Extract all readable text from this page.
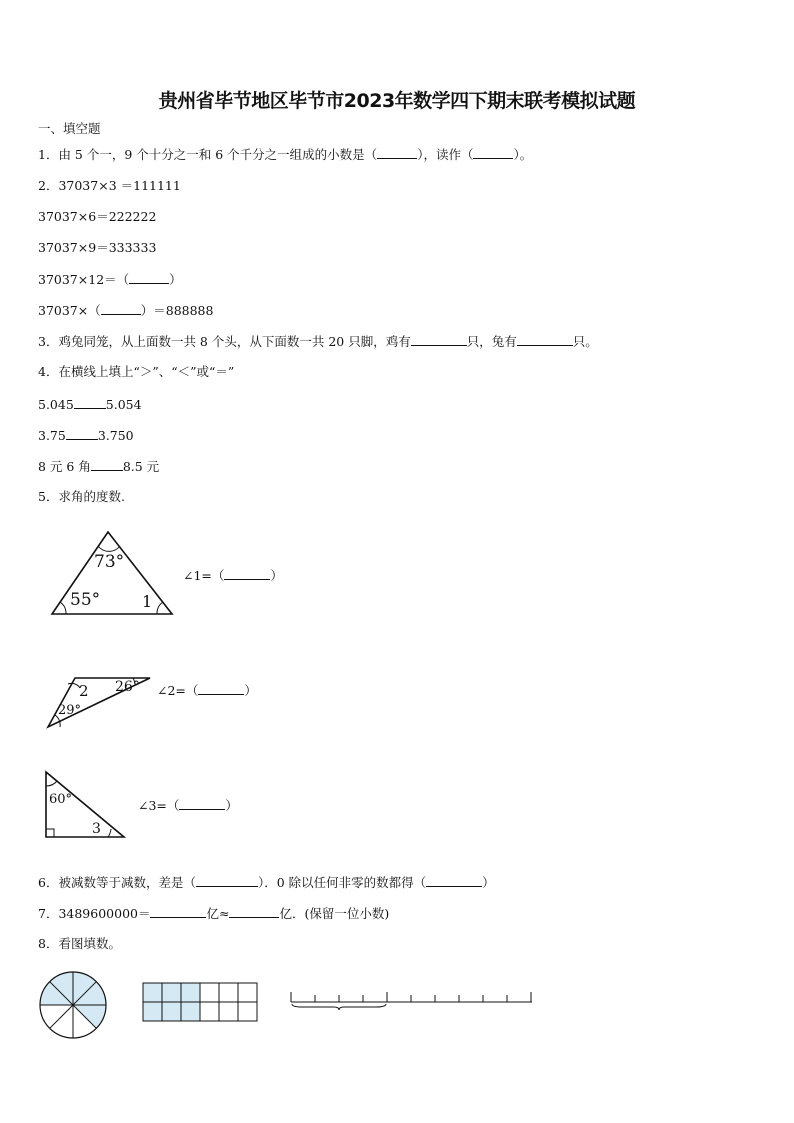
贵州省毕节地区毕节市2023年数学四下期末联考模拟试题
一、填空题
1．由 5 个一，9 个十分之一和 6 个千分之一组成的小数是（	），读作（	）。
2．37037×3 ＝111111
37037×6＝222222
37037×9＝333333
37037×12＝（	）
37037×（	）＝888888
3．鸡兔同笼，从上面数一共 8 个头，从下面数一共 20 只脚，鸡有	只，兔有	只。
4．在横线上填上“＞”、“＜”或“＝”
5.045	5.054
3.75	3.750
8 元 6 角	8.5 元
5．求角的度数.
73°
55°	1
∠1=（	）
2 26°
29°
∠2=（	）
60°
3
∠3=（	）
6．被减数等于减数，差是（	）．0 除以任何非零的数都得（	）
7．3489600000＝	亿≈	亿．(保留一位小数)
8．看图填数。
